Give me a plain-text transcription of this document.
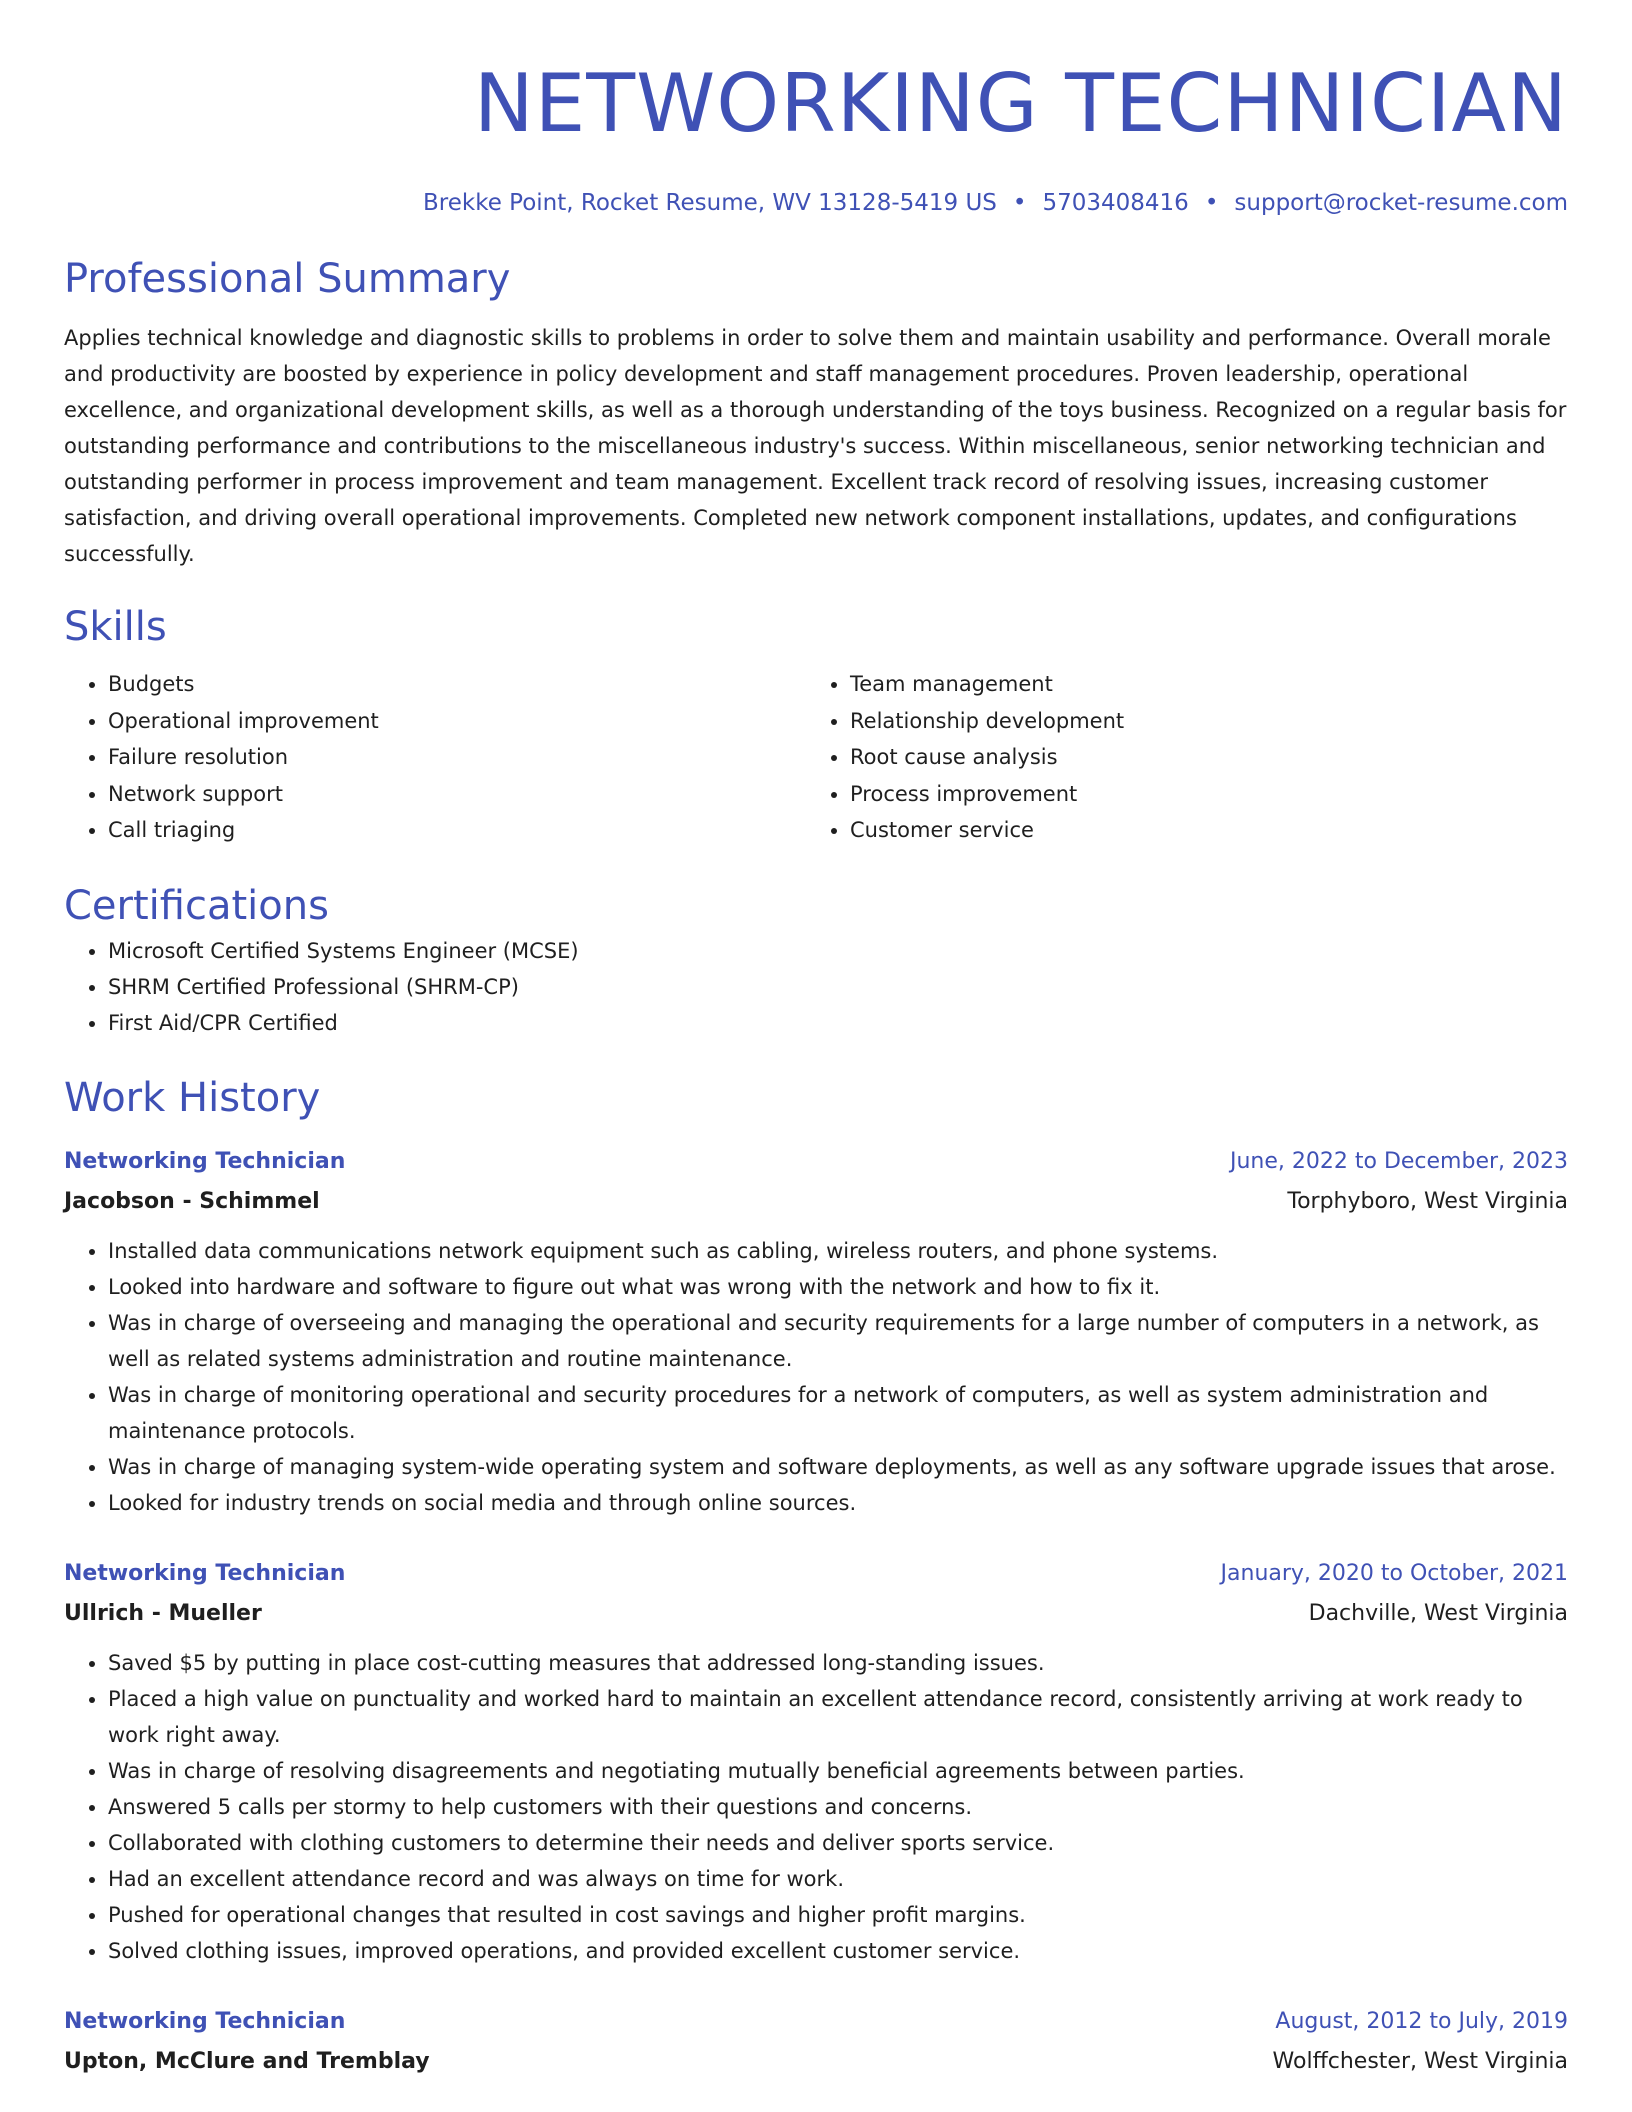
NETWORKING TECHNICIAN
Brekke Point, Rocket Resume, WV 13128-5419 US • 5703408416 • support@rocket-resume.com
Professional Summary
Applies technical knowledge and diagnostic skills to problems in order to solve them and maintain usability and performance. Overall morale and productivity are boosted by experience in policy development and staff management procedures. Proven leadership, operational excellence, and organizational development skills, as well as a thorough understanding of the toys business. Recognized on a regular basis for outstanding performance and contributions to the miscellaneous industry's success. Within miscellaneous, senior networking technician and outstanding performer in process improvement and team management. Excellent track record of resolving issues, increasing customer satisfaction, and driving overall operational improvements. Completed new network component installations, updates, and configurations successfully.
Skills
• Budgets
• Operational improvement
• Failure resolution
• Network support
• Call triaging
• Team management
• Relationship development
• Root cause analysis
• Process improvement
• Customer service
Certifications
• Microsoft Certified Systems Engineer (MCSE)
• SHRM Certified Professional (SHRM-CP)
• First Aid/CPR Certified
Work History
Networking Technician	June, 2022 to December, 2023
Jacobson - Schimmel	Torphyboro, West Virginia
• Installed data communications network equipment such as cabling, wireless routers, and phone systems.
• Looked into hardware and software to figure out what was wrong with the network and how to fix it.
• Was in charge of overseeing and managing the operational and security requirements for a large number of computers in a network, as well as related systems administration and routine maintenance.
• Was in charge of monitoring operational and security procedures for a network of computers, as well as system administration and maintenance protocols.
• Was in charge of managing system-wide operating system and software deployments, as well as any software upgrade issues that arose.
• Looked for industry trends on social media and through online sources.
Networking Technician	January, 2020 to October, 2021
Ullrich - Mueller	Dachville, West Virginia
• Saved $5 by putting in place cost-cutting measures that addressed long-standing issues.
• Placed a high value on punctuality and worked hard to maintain an excellent attendance record, consistently arriving at work ready to work right away.
• Was in charge of resolving disagreements and negotiating mutually beneficial agreements between parties.
• Answered 5 calls per stormy to help customers with their questions and concerns.
• Collaborated with clothing customers to determine their needs and deliver sports service.
• Had an excellent attendance record and was always on time for work.
• Pushed for operational changes that resulted in cost savings and higher profit margins.
• Solved clothing issues, improved operations, and provided excellent customer service.
Networking Technician	August, 2012 to July, 2019
Upton, McClure and Tremblay	Wolffchester, West Virginia
